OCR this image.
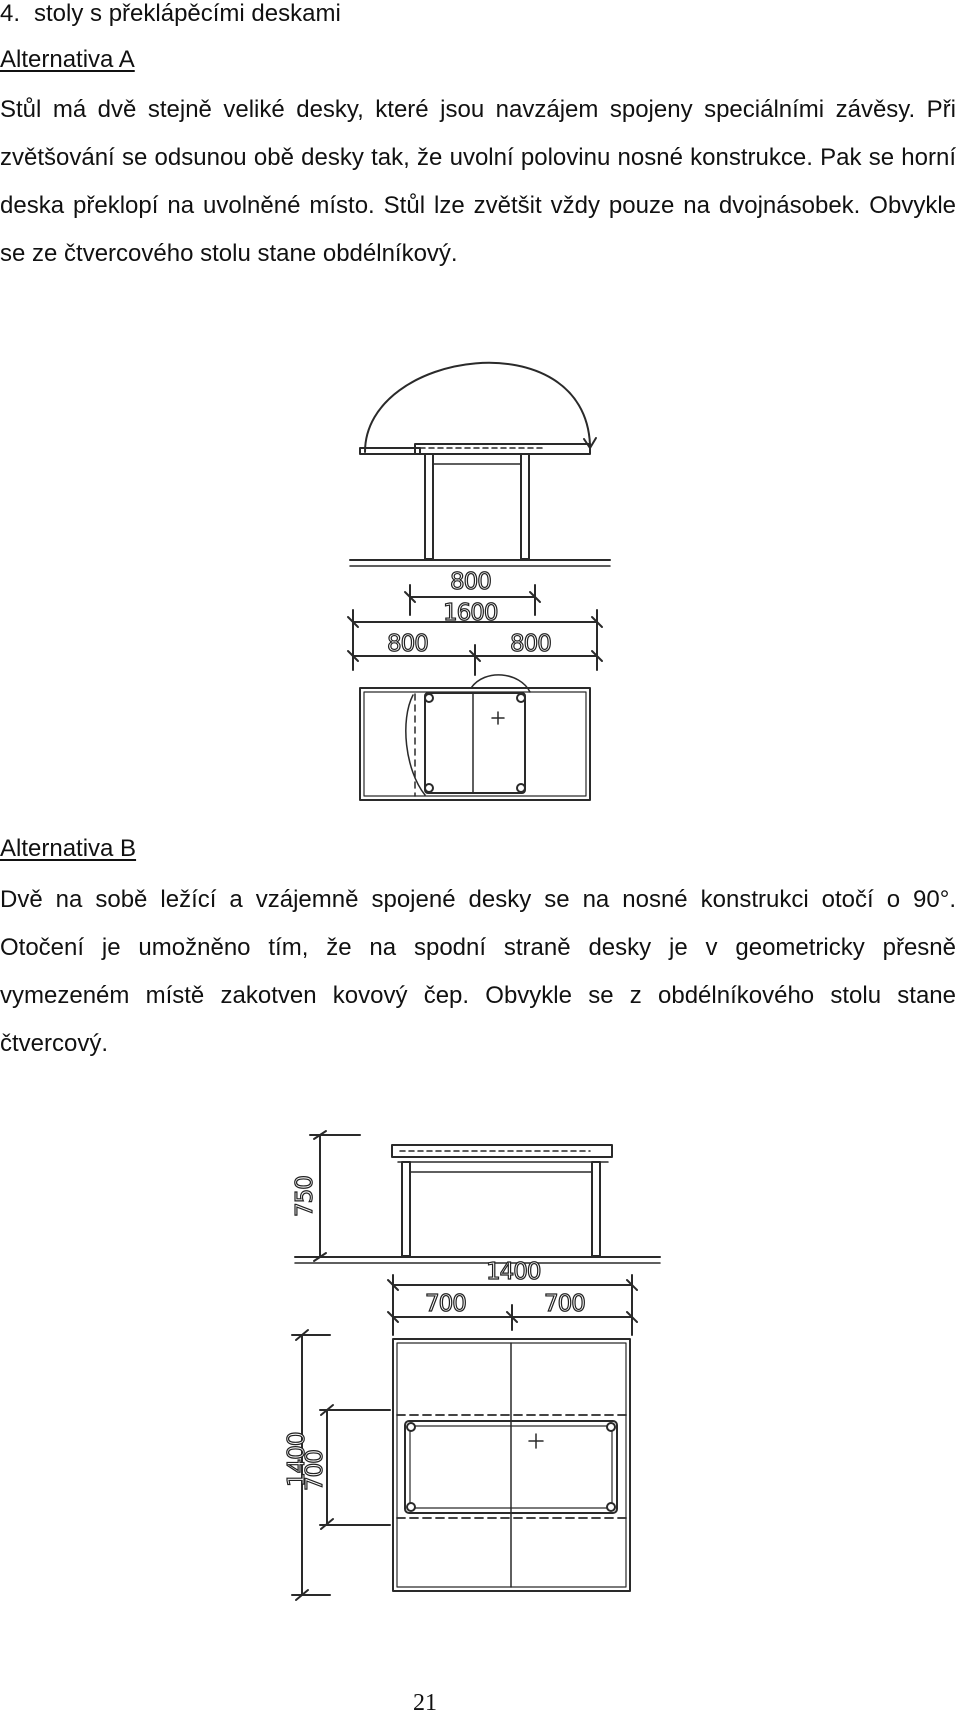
4. stoly s překlápěcími deskami
Alternativa A
Stůl má dvě stejně veliké desky, které jsou navzájem spojeny speciálními závěsy. Při zvětšování se odsunou obě desky tak, že uvolní polovinu nosné konstrukce. Pak se horní deska překlopí na uvolněné místo. Stůl lze zvětšit vždy pouze na dvojnásobek. Obvykle se ze čtvercového stolu stane obdélníkový.
800
1600
800	800
Alternativa B
Dvě na sobě ležící a vzájemně spojené desky se na nosné konstrukci otočí o 90°. Otočení je umožněno tím, že na spodní straně desky je v geometricky přesně vymezeném místě zakotven kovový čep. Obvykle se z obdélníkového stolu stane čtvercový.
750
1400
700	700
1400
700
21
